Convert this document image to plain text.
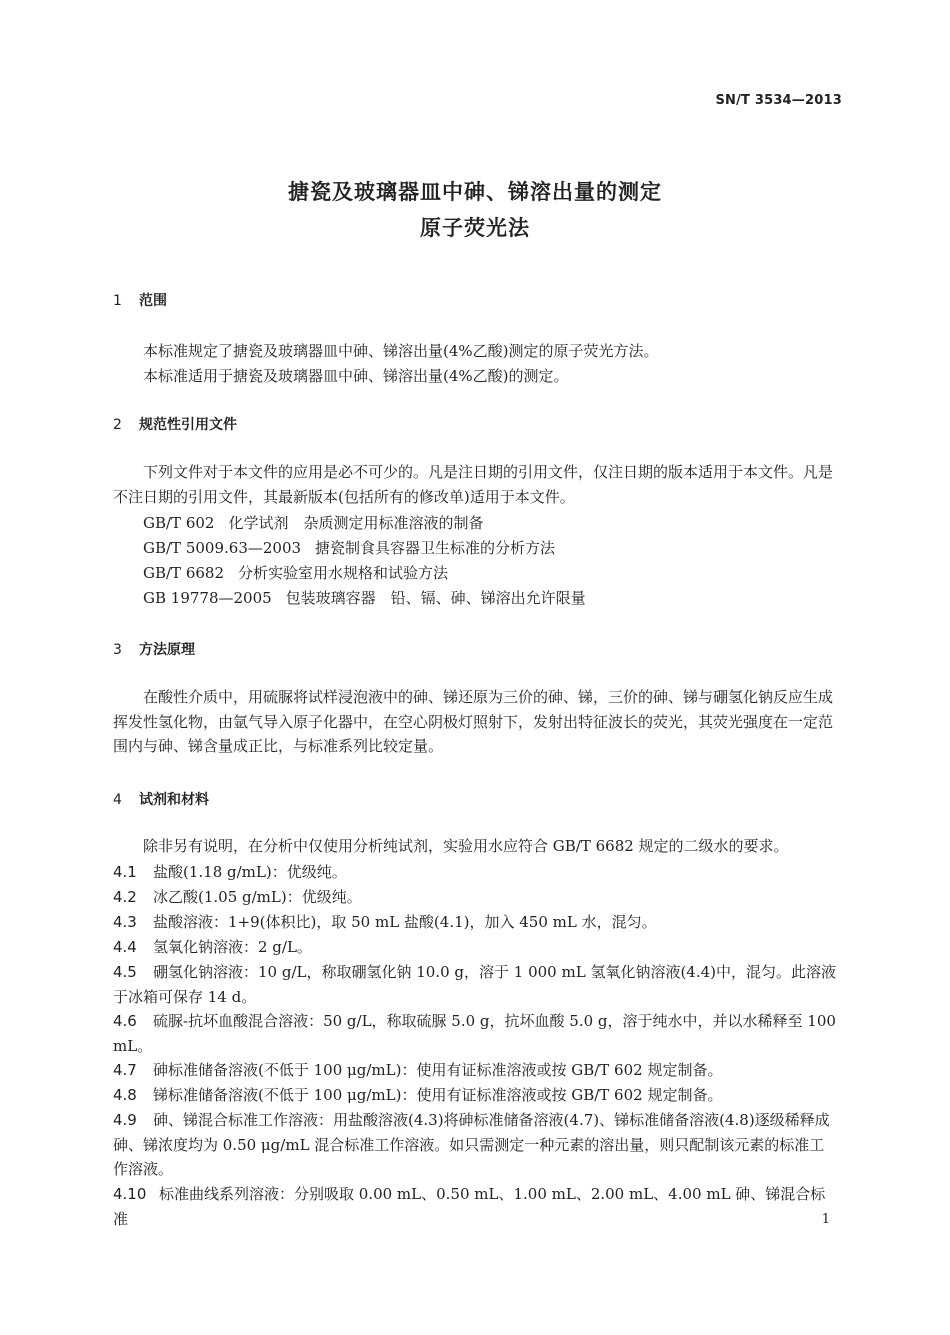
SN/T 3534—2013
搪瓷及玻璃器皿中砷、锑溶出量的测定
原子荧光法
1 范围
本标准规定了搪瓷及玻璃器皿中砷、锑溶出量(4%乙酸)测定的原子荧光方法。
本标准适用于搪瓷及玻璃器皿中砷、锑溶出量(4%乙酸)的测定。
2 规范性引用文件
下列文件对于本文件的应用是必不可少的。凡是注日期的引用文件，仅注日期的版本适用于本文件。凡是不注日期的引用文件，其最新版本(包括所有的修改单)适用于本文件。
GB/T 602 化学试剂　杂质测定用标准溶液的制备
GB/T 5009.63—2003 搪瓷制食具容器卫生标准的分析方法
GB/T 6682 分析实验室用水规格和试验方法
GB 19778—2005 包装玻璃容器　铅、镉、砷、锑溶出允许限量
3 方法原理
在酸性介质中，用硫脲将试样浸泡液中的砷、锑还原为三价的砷、锑，三价的砷、锑与硼氢化钠反应生成挥发性氢化物，由氩气导入原子化器中，在空心阴极灯照射下，发射出特征波长的荧光，其荧光强度在一定范围内与砷、锑含量成正比，与标准系列比较定量。
4 试剂和材料
除非另有说明，在分析中仅使用分析纯试剂，实验用水应符合 GB/T 6682 规定的二级水的要求。
4.1 盐酸(1.18 g/mL)：优级纯。
4.2 冰乙酸(1.05 g/mL)：优级纯。
4.3 盐酸溶液：1+9(体积比)，取 50 mL 盐酸(4.1)，加入 450 mL 水，混匀。
4.4 氢氧化钠溶液：2 g/L。
4.5 硼氢化钠溶液：10 g/L，称取硼氢化钠 10.0 g，溶于 1 000 mL 氢氧化钠溶液(4.4)中，混匀。此溶液于冰箱可保存 14 d。
4.6 硫脲-抗坏血酸混合溶液：50 g/L，称取硫脲 5.0 g，抗坏血酸 5.0 g，溶于纯水中，并以水稀释至 100 mL。
4.7 砷标准储备溶液(不低于 100 μg/mL)：使用有证标准溶液或按 GB/T 602 规定制备。
4.8 锑标准储备溶液(不低于 100 μg/mL)：使用有证标准溶液或按 GB/T 602 规定制备。
4.9 砷、锑混合标准工作溶液：用盐酸溶液(4.3)将砷标准储备溶液(4.7)、锑标准储备溶液(4.8)逐级稀释成砷、锑浓度均为 0.50 μg/mL 混合标准工作溶液。如只需测定一种元素的溶出量，则只配制该元素的标准工作溶液。
4.10 标准曲线系列溶液：分别吸取 0.00 mL、0.50 mL、1.00 mL、2.00 mL、4.00 mL 砷、锑混合标准	1
